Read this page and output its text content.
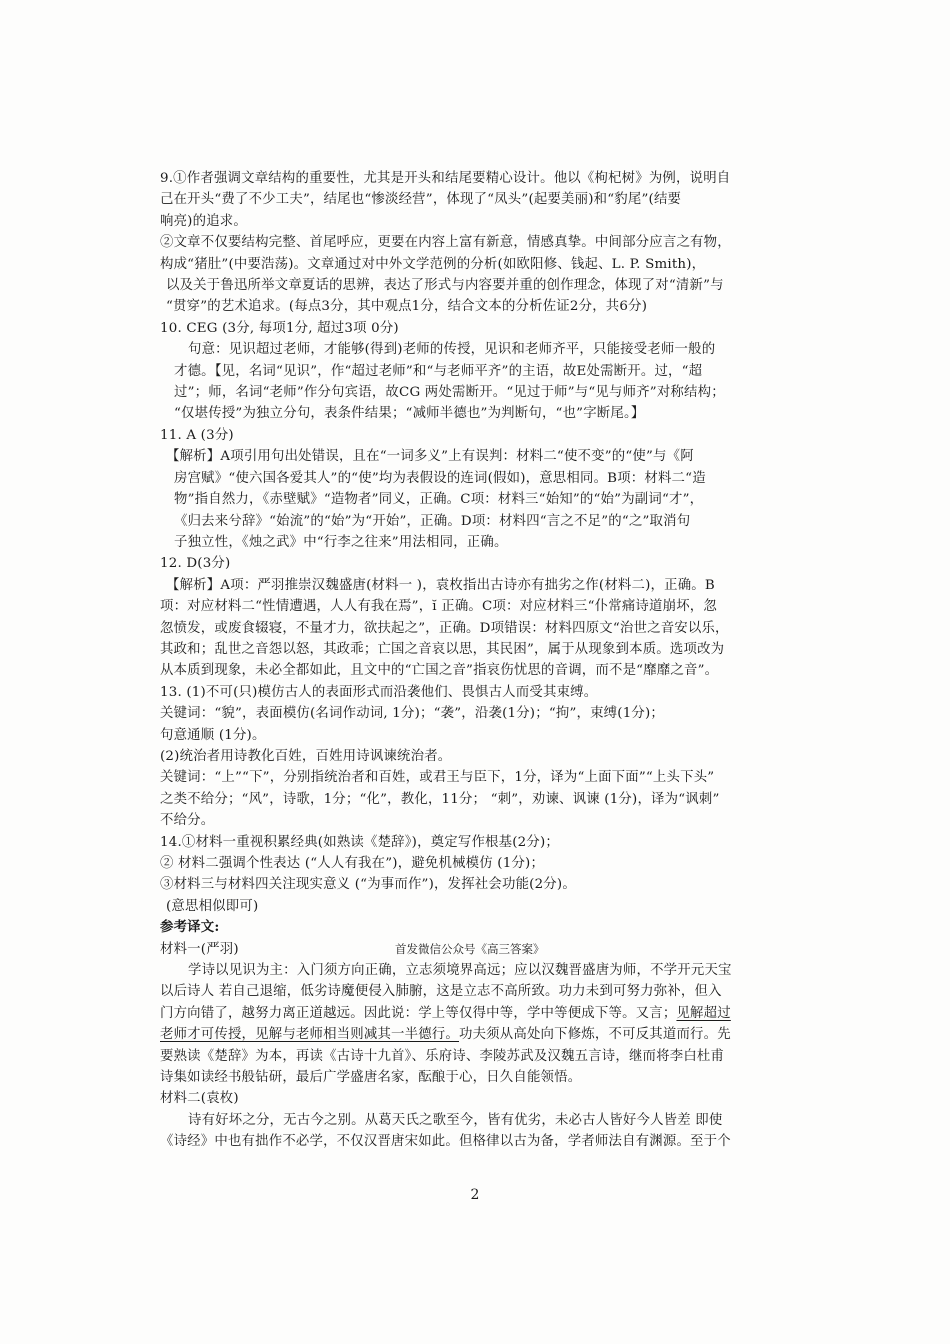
9.①作者强调文章结构的重要性，尤其是开头和结尾要精心设计。他以《枸杞树》为例，说明自
己在开头“费了不少工夫”，结尾也“惨淡经营”，体现了“凤头”(起要美丽)和“豹尾”(结要
响亮)的追求。
②文章不仅要结构完整、首尾呼应，更要在内容上富有新意，情感真挚。中间部分应言之有物，
构成“猪肚”(中要浩荡)。文章通过对中外文学范例的分析(如欧阳修、钱起、L. P. Smith)，
以及关于鲁迅所举文章夏话的思辨，表达了形式与内容要并重的创作理念，体现了对“清新”与
“贯穿”的艺术追求。(每点3分，其中观点1分，结合文本的分析佐证2分，共6分)
10. CEG (3分, 每项1分, 超过3项 0分)
句意：见识超过老师，才能够(得到)老师的传授，见识和老师齐平，只能接受老师一般的
才德。【见，名词“见识”，作“超过老师”和“与老师平齐”的主语，故E处需断开。过，“超
过”；师，名词“老师”作分句宾语，故CG 两处需断开。“见过于师”与“见与师齐”对称结构；
“仅堪传授”为独立分句，表条件结果；“减师半德也”为判断句，“也”字断尾。】
11. A (3分)
【解析】A项引用句出处错误，且在“一词多义”上有误判：材料二“使不变”的“使”与《阿
房宫赋》“使六国各爱其人”的“使”均为表假设的连词(假如)，意思相同。B项：材料二“造
物”指自然力，《赤壁赋》“造物者”同义，正确。C项：材料三“始知”的“始”为副词“才”，
《归去来兮辞》“始流”的“始”为“开始”，正确。D项：材料四“言之不足”的“之”取消句
子独立性，《烛之武》中“行李之往来”用法相同，正确。
12. D(3分)
【解析】A项：严羽推崇汉魏盛唐(材料一 )，袁枚指出古诗亦有拙劣之作(材料二)，正确。B
项：对应材料二“性情遭遇，人人有我在焉”，ĭ 正确。C项：对应材料三“仆常痛诗道崩坏，忽
忽愤发，或废食辍寝，不量才力，欲扶起之”，正确。D项错误：材料四原文“治世之音安以乐，
其政和；乱世之音怨以怒，其政乖；亡国之音哀以思，其民困”，属于从现象到本质。选项改为
从本质到现象，未必全都如此，且文中的“亡国之音”指哀伤忧思的音调，而不是“靡靡之音”。
13. (1)不可(只)模仿古人的表面形式而沿袭他们、畏惧古人而受其束缚。
关键词：“貌”，表面模仿(名词作动词, 1分)；“袭”，沿袭(1分)；“拘”，束缚(1分)；
句意通顺 (1分)。
(2)统治者用诗教化百姓，百姓用诗讽谏统治者。
关键词：“上”“下”，分别指统治者和百姓，或君王与臣下，1分，译为“上面下面”“上头下头”
之类不给分；“风”，诗歌，1分；“化”，教化，11分； “刺”，劝谏、讽谏 (1分)，译为“讽刺”
不给分。
14.①材料一重视积累经典(如熟读《楚辞》)，奠定写作根基(2分)；
② 材料二强调个性表达 (“人人有我在”)，避免机械模仿 (1分)；
③材料三与材料四关注现实意义 (“为事而作”)，发挥社会功能(2分)。
(意思相似即可)
参考译文:
材料一(严羽)	首发微信公众号《高三答案》
学诗以见识为主：入门须方向正确，立志须境界高远；应以汉魏晋盛唐为师，不学开元天宝
以后诗人 若自己退缩，低劣诗魔便侵入肺腑，这是立志不高所致。功力未到可努力弥补，但入
门方向错了，越努力离正道越远。因此说：学上等仅得中等，学中等便成下等。又言；见解超过
老师才可传授，见解与老师相当则减其一半德行。功夫须从高处向下修炼，不可反其道而行。先
要熟读《楚辞》为本，再读《古诗十九首》、乐府诗、李陵苏武及汉魏五言诗，继而将李白杜甫
诗集如读经书般钻研，最后广学盛唐名家，酝酿于心，日久自能领悟。
材料二(袁枚)
诗有好坏之分，无古今之别。从葛天氏之歌至今，皆有优劣，未必古人皆好今人皆差 即使
《诗经》中也有拙作不必学，不仅汉晋唐宋如此。但格律以古为备，学者师法自有渊源。至于个
2
